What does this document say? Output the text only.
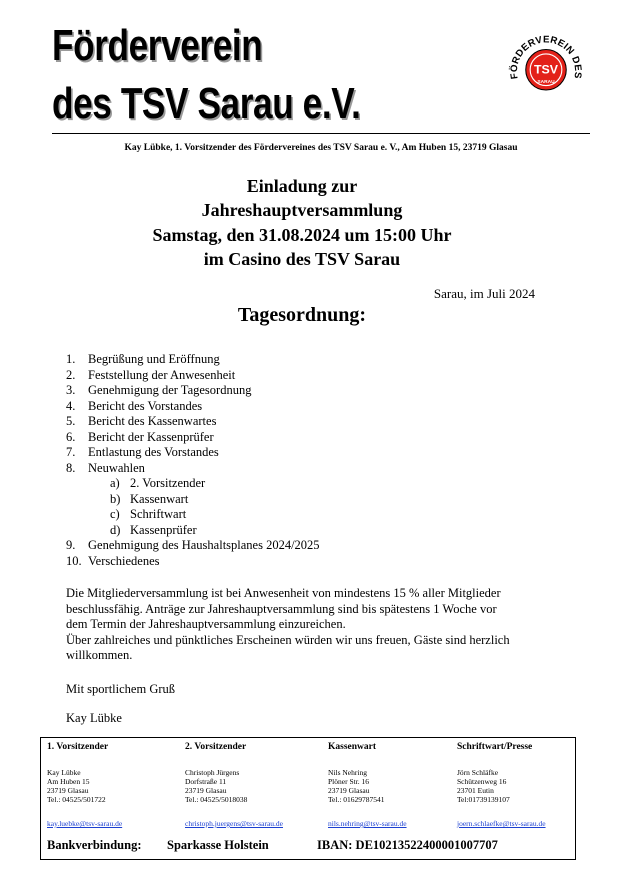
Förderverein
des TSV Sarau e.V.
FÖRDERVEREIN DES
TSV
SARAU
Kay Lübke, 1. Vorsitzender des Fördervereines des TSV Sarau e. V., Am Huben 15, 23719 Glasau
Einladung zur
Jahreshauptversammlung
Samstag, den 31.08.2024 um 15:00 Uhr
im Casino des TSV Sarau
Sarau, im Juli 2024
Tagesordnung:
1.	Begrüßung und Eröffnung
2.	Feststellung der Anwesenheit
3.	Genehmigung der Tagesordnung
4.	Bericht des Vorstandes
5.	Bericht des Kassenwartes
6.	Bericht der Kassenprüfer
7.	Entlastung des Vorstandes
8.	Neuwahlen
a) 2. Vorsitzender
b) Kassenwart
c) Schriftwart
d) Kassenprüfer
9.	Genehmigung des Haushaltsplanes 2024/2025
10. Verschiedenes

Die Mitgliederversammlung ist bei Anwesenheit von mindestens 15 % aller Mitglieder

beschlussfähig. Anträge zur Jahreshauptversammlung sind bis spätestens 1 Woche vor

dem Termin der Jahreshauptversammlung einzureichen.

Über zahlreiches und pünktliches Erscheinen würden wir uns freuen, Gäste sind herzlich

willkommen.

Mit sportlichem Gruß
Kay Lübke
1. Vorsitzender
Kay Lübke
Am Huben 15
23719 Glasau
Tel.: 04525/501722
kay.luebke@tsv-sarau.de
2. Vorsitzender
Christoph Jürgens
Dorfstraße 11
23719 Glasau
Tel.: 04525/5018038
christoph.juergens@tsv-sarau.de
Kassenwart
Nils Nehring
Plöner Str. 16
23719 Glasau
Tel.: 01629787541
nils.nehring@tsv-sarau.de
Schriftwart/Presse
Jörn Schläfke
Schützenweg 16
23701 Eutin
Tel:01739139107
joern.schlaefke@tsv-sarau.de
Bankverbindung: Sparkasse Holstein	IBAN: DE10213522400001007707
